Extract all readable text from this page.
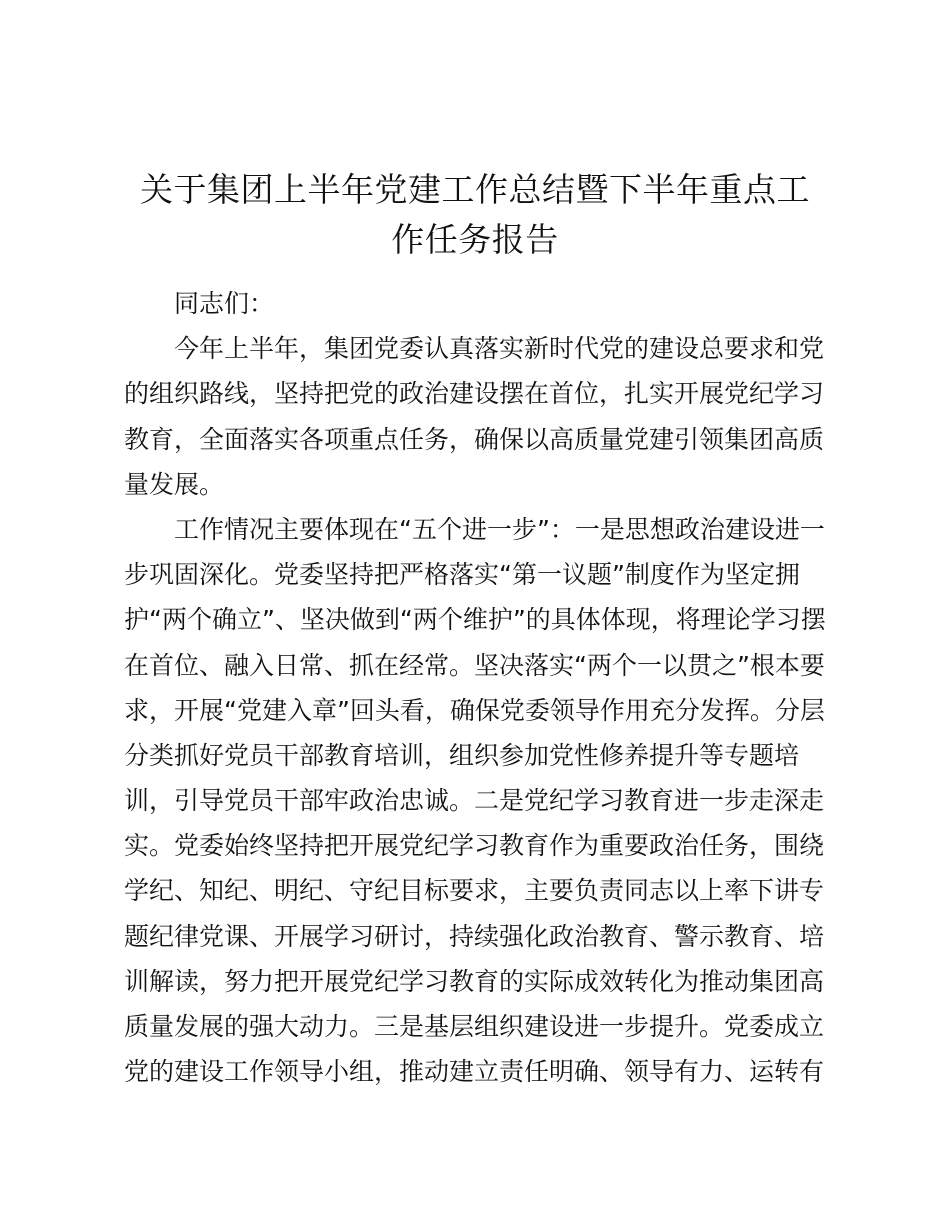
关于集团上半年党建工作总结暨下半年重点工
作任务报告
同志们：
今年上半年，集团党委认真落实新时代党的建设总要求和党
的组织路线，坚持把党的政治建设摆在首位，扎实开展党纪学习
教育，全面落实各项重点任务，确保以高质量党建引领集团高质
量发展。
工作情况主要体现在“五个进一步”：一是思想政治建设进一
步巩固深化。党委坚持把严格落实“第一议题”制度作为坚定拥
护“两个确立”、坚决做到“两个维护”的具体体现，将理论学习摆
在首位、融入日常、抓在经常。坚决落实“两个一以贯之”根本要
求，开展“党建入章”回头看，确保党委领导作用充分发挥。分层
分类抓好党员干部教育培训，组织参加党性修养提升等专题培
训，引导党员干部牢政治忠诚。二是党纪学习教育进一步走深走
实。党委始终坚持把开展党纪学习教育作为重要政治任务，围绕
学纪、知纪、明纪、守纪目标要求，主要负责同志以上率下讲专
题纪律党课、开展学习研讨，持续强化政治教育、警示教育、培
训解读，努力把开展党纪学习教育的实际成效转化为推动集团高
质量发展的强大动力。三是基层组织建设进一步提升。党委成立
党的建设工作领导小组，推动建立责任明确、领导有力、运转有
